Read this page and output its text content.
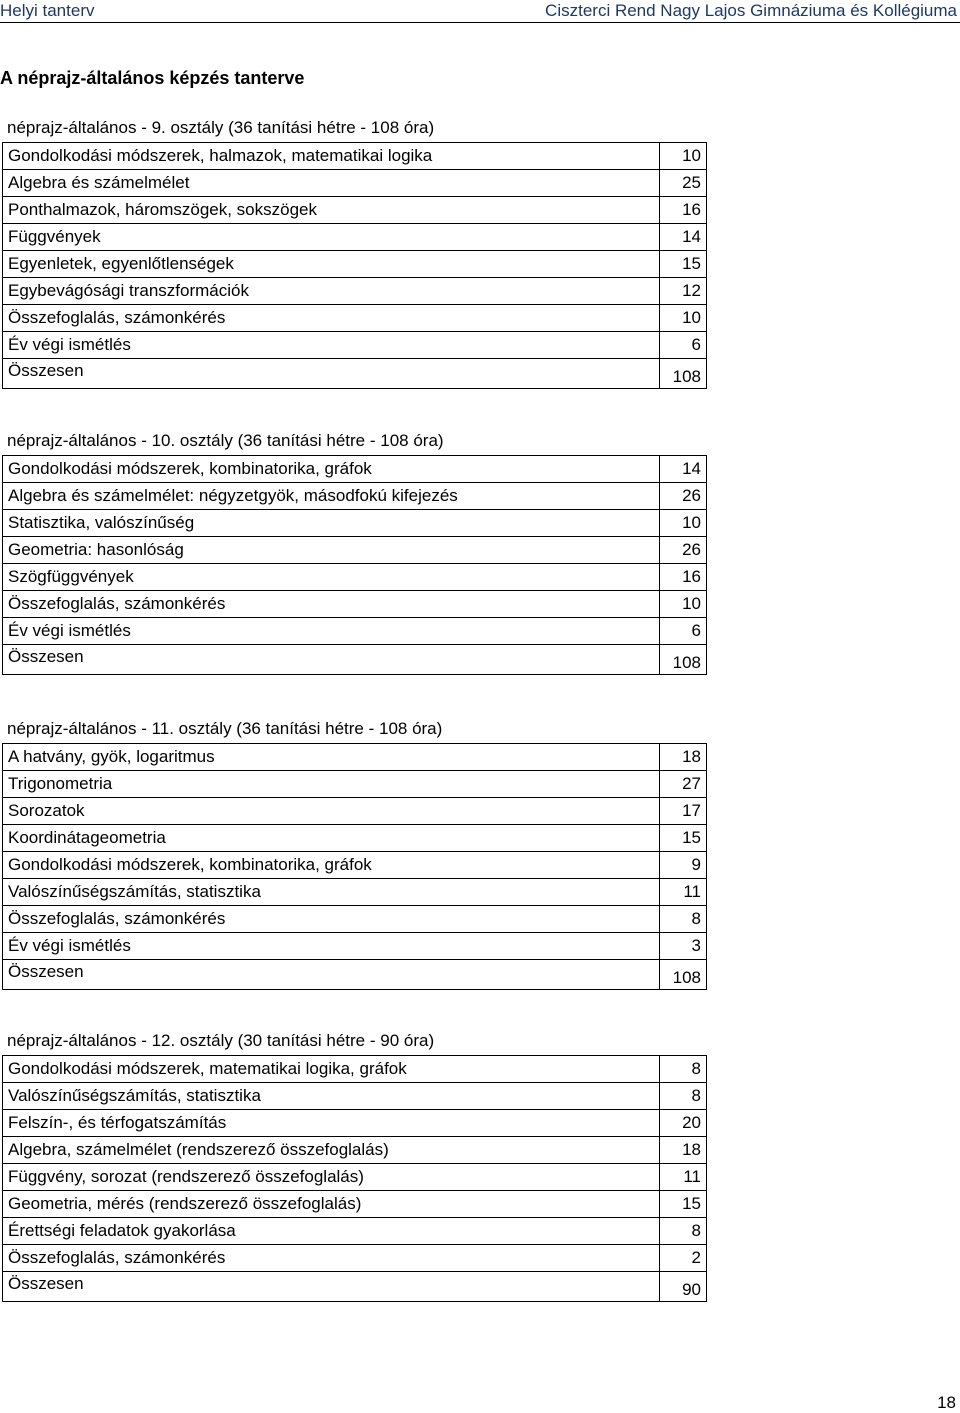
Helyi tanterv	Ciszterci Rend Nagy Lajos Gimnáziuma és Kollégiuma
A néprajz-általános képzés tanterve
néprajz-általános - 9. osztály (36 tanítási hétre - 108 óra)
Gondolkodási módszerek, halmazok, matematikai logika	10
Algebra és számelmélet	25
Ponthalmazok, háromszögek, sokszögek	16
Függvények	14
Egyenletek, egyenlőtlenségek	15
Egybevágósági transzformációk	12
Összefoglalás, számonkérés	10
Év végi ismétlés	6
Összesen	108
néprajz-általános - 10. osztály (36 tanítási hétre - 108 óra)
Gondolkodási módszerek, kombinatorika, gráfok	14
Algebra és számelmélet: négyzetgyök, másodfokú kifejezés	26
Statisztika, valószínűség	10
Geometria: hasonlóság	26
Szögfüggvények	16
Összefoglalás, számonkérés	10
Év végi ismétlés	6
Összesen	108
néprajz-általános - 11. osztály (36 tanítási hétre - 108 óra)
A hatvány, gyök, logaritmus	18
Trigonometria	27
Sorozatok	17
Koordinátageometria	15
Gondolkodási módszerek, kombinatorika, gráfok	9
Valószínűségszámítás, statisztika	11
Összefoglalás, számonkérés	8
Év végi ismétlés	3
Összesen	108
néprajz-általános - 12. osztály (30 tanítási hétre - 90 óra)
Gondolkodási módszerek, matematikai logika, gráfok	8
Valószínűségszámítás, statisztika	8
Felszín-, és térfogatszámítás	20
Algebra, számelmélet (rendszerező összefoglalás)	18
Függvény, sorozat (rendszerező összefoglalás)	11
Geometria, mérés (rendszerező összefoglalás)	15
Érettségi feladatok gyakorlása	8
Összefoglalás, számonkérés	2
Összesen	90
18
